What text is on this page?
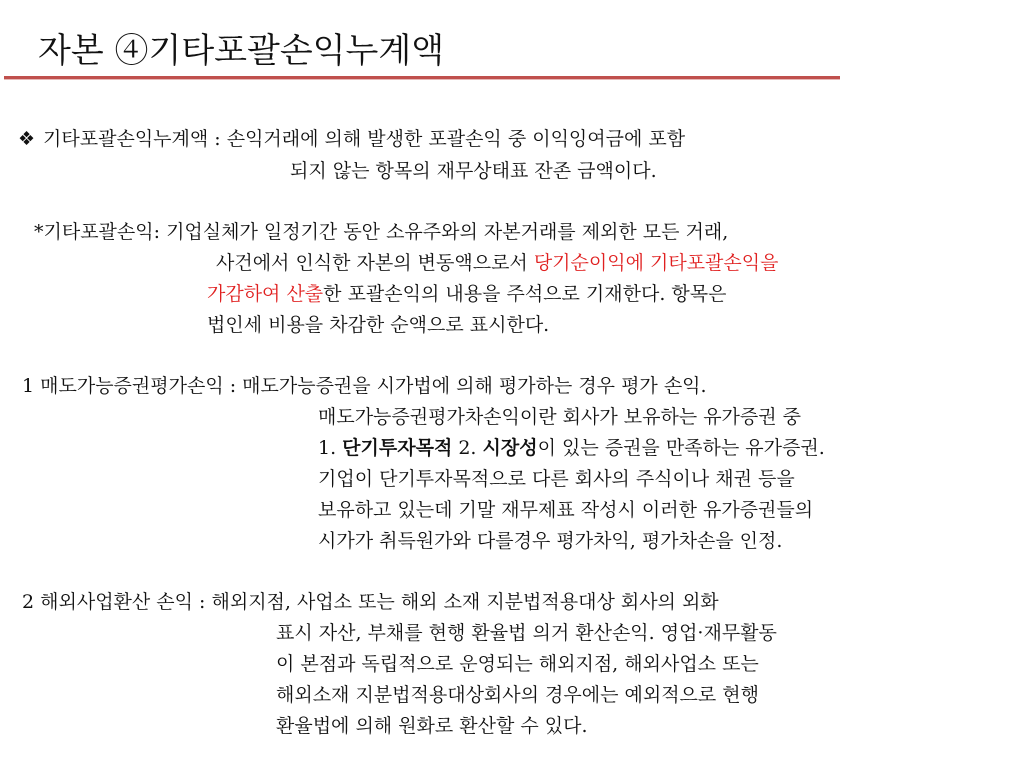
자본 ④기타포괄손익누계액
❖ 기타포괄손익누계액 : 손익거래에 의해 발생한 포괄손익 중 이익잉여금에 포함
되지 않는 항목의 재무상태표 잔존 금액이다.
*기타포괄손익: 기업실체가 일정기간 동안 소유주와의 자본거래를 제외한 모든 거래,
사건에서 인식한 자본의 변동액으로서 당기순이익에 기타포괄손익을
가감하여 산출한 포괄손익의 내용을 주석으로 기재한다. 항목은
법인세 비용을 차감한 순액으로 표시한다.
1 매도가능증권평가손익 : 매도가능증권을 시가법에 의해 평가하는 경우 평가 손익.
매도가능증권평가차손익이란 회사가 보유하는 유가증권 중
1. 단기투자목적 2. 시장성이 있는 증권을 만족하는 유가증권.
기업이 단기투자목적으로 다른 회사의 주식이나 채권 등을
보유하고 있는데 기말 재무제표 작성시 이러한 유가증권들의
시가가 취득원가와 다를경우 평가차익, 평가차손을 인정.
2 해외사업환산 손익 : 해외지점, 사업소 또는 해외 소재 지분법적용대상 회사의 외화
표시 자산, 부채를 현행 환율법 의거 환산손익. 영업·재무활동
이 본점과 독립적으로 운영되는 해외지점, 해외사업소 또는
해외소재 지분법적용대상회사의 경우에는 예외적으로 현행
환율법에 의해 원화로 환산할 수 있다.
